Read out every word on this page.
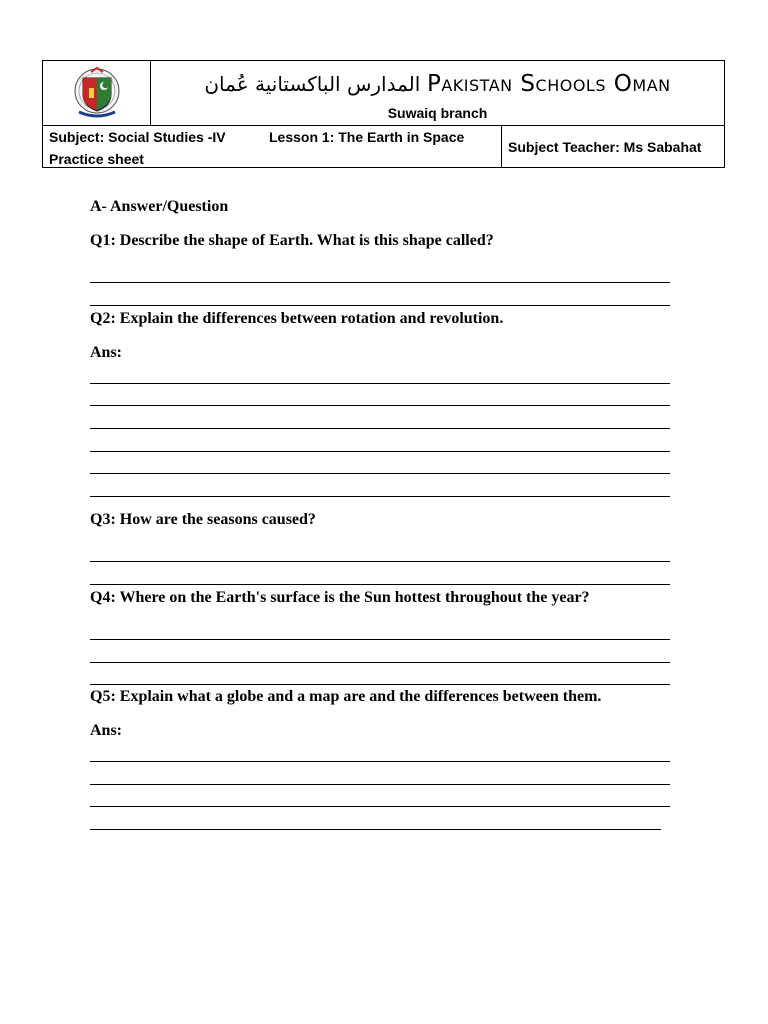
المدارس الباكستانية عُمان Pakistan Schools Oman
Suwaiq branch
Subject: Social Studies -IV	Lesson 1: The Earth in Space
Practice sheet
Subject Teacher: Ms Sabahat
A- Answer/Question
Q1: Describe the shape of Earth. What is this shape called?
Q2: Explain the differences between rotation and revolution.
Ans:
Q3: How are the seasons caused?
Q4: Where on the Earth's surface is the Sun hottest throughout the year?
Q5: Explain what a globe and a map are and the differences between them.
Ans:
